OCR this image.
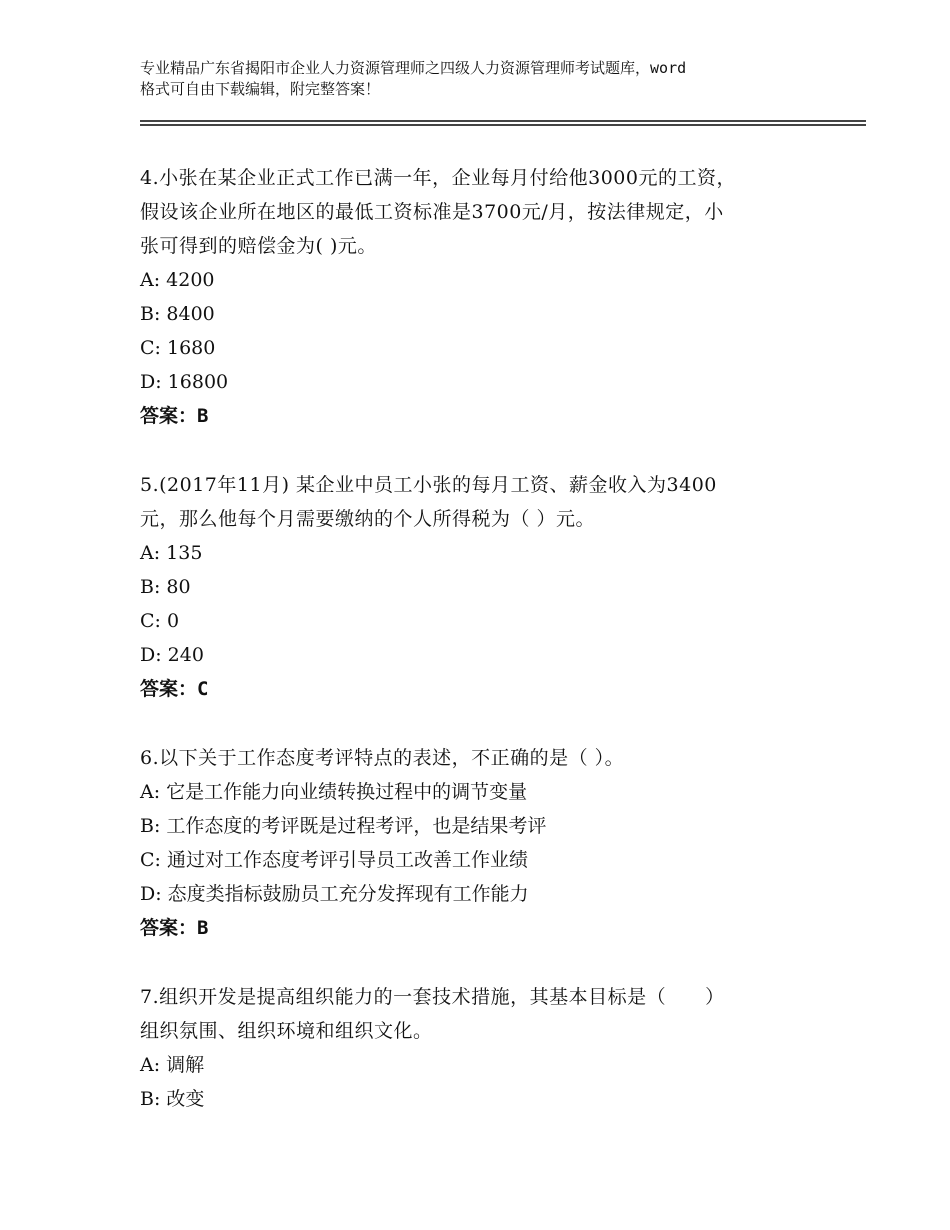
专业精品广东省揭阳市企业人力资源管理师之四级人力资源管理师考试题库，word
格式可自由下载编辑，附完整答案！
4.小张在某企业正式工作已满一年，企业每月付给他3000元的工资，
假设该企业所在地区的最低工资标准是3700元/月，按法律规定，小
张可得到的赔偿金为( )元。
A: 4200
B: 8400
C: 1680
D: 16800
答案：B
5.(2017年11月) 某企业中员工小张的每月工资、薪金收入为3400
元，那么他每个月需要缴纳的个人所得税为（ ）元。
A: 135
B: 80
C: 0
D: 240
答案：C
6.以下关于工作态度考评特点的表述，不正确的是（ ）。
A: 它是工作能力向业绩转换过程中的调节变量
B: 工作态度的考评既是过程考评，也是结果考评
C: 通过对工作态度考评引导员工改善工作业绩
D: 态度类指标鼓励员工充分发挥现有工作能力
答案：B
7.组织开发是提高组织能力的一套技术措施，其基本目标是（　　）
组织氛围、组织环境和组织文化。
A: 调解
B: 改变
